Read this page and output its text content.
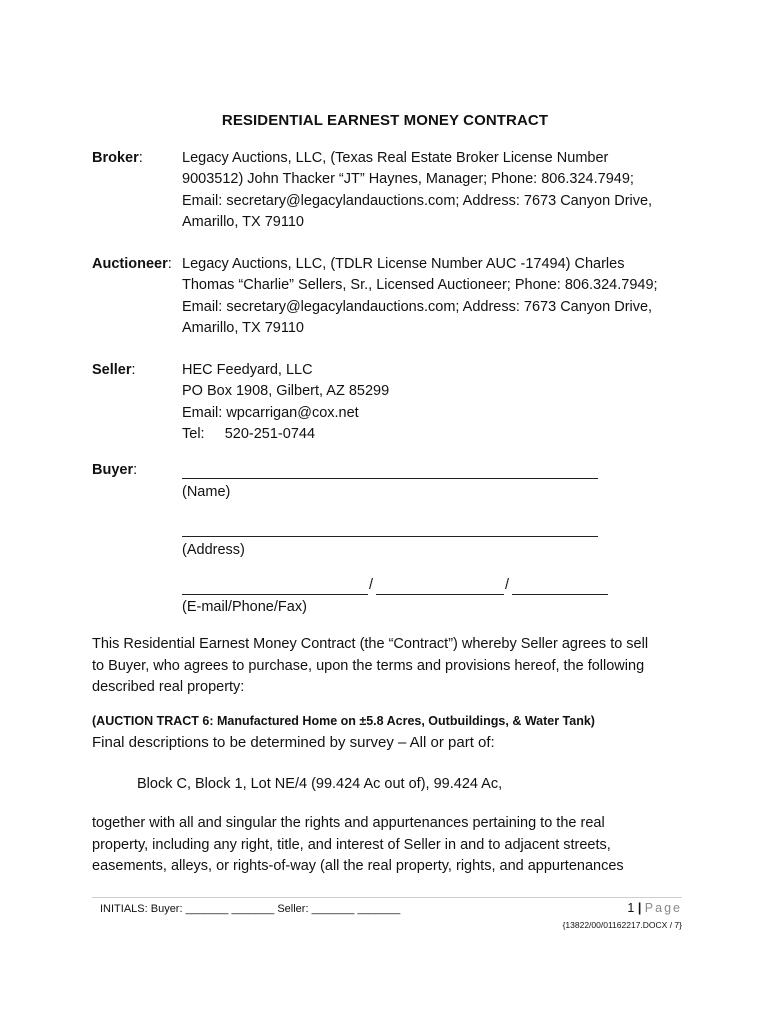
RESIDENTIAL EARNEST MONEY CONTRACT
Broker:	Legacy Auctions, LLC, (Texas Real Estate Broker License Number
9003512) John Thacker “JT” Haynes, Manager; Phone: 806.324.7949;
Email: secretary@legacylandauctions.com; Address: 7673 Canyon Drive,
Amarillo, TX 79110
Auctioneer: Legacy Auctions, LLC, (TDLR License Number AUC -17494) Charles
Thomas “Charlie” Sellers, Sr., Licensed Auctioneer; Phone: 806.324.7949;
Email: secretary@legacylandauctions.com; Address: 7673 Canyon Drive,
Amarillo, TX 79110
Seller:	HEC Feedyard, LLC
PO Box 1908, Gilbert, AZ 85299
Email: wpcarrigan@cox.net
Tel:     520-251-0744
Buyer:
(Name)
(Address)
/	/
(E-mail/Phone/Fax)
This Residential Earnest Money Contract (the “Contract”) whereby Seller agrees to sell
to Buyer, who agrees to purchase, upon the terms and provisions hereof, the following
described real property:
(AUCTION TRACT 6: Manufactured Home on ±5.8 Acres, Outbuildings, & Water Tank)
Final descriptions to be determined by survey – All or part of:
Block C, Block 1, Lot NE/4 (99.424 Ac out of), 99.424 Ac,
together with all and singular the rights and appurtenances pertaining to the real
property, including any right, title, and interest of Seller in and to adjacent streets,
easements, alleys, or rights-of-way (all the real property, rights, and appurtenances
INITIALS: Buyer: _______ _______ Seller: _______ _______	1 | Page
{13822/00/01162217.DOCX / 7}
